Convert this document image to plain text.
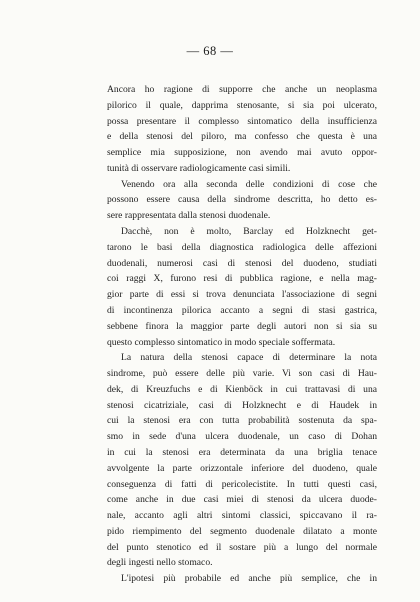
— 68 —
Ancora ho ragione di supporre che anche un neoplasma
pilorico il quale, dapprima stenosante, si sia poi ulcerato,
possa presentare il complesso sintomatico della insufficienza
e della stenosi del piloro, ma confesso che questa è una
semplice mia supposizione, non avendo mai avuto oppor-
tunità di osservare radiologicamente casi simili.
Venendo ora alla seconda delle condizioni di cose che
possono essere causa della sindrome descritta, ho detto es-
sere rappresentata dalla stenosi duodenale.
Dacchè, non è molto, Barclay ed Holzknecht get-
tarono le basi della diagnostica radiologica delle affezioni
duodenali, numerosi casi di stenosi del duodeno, studiati
coi raggi X, furono resi di pubblica ragione, e nella mag-
gior parte di essi si trova denunciata l'associazione di segni
di incontinenza pilorica accanto a segni di stasi gastrica,
sebbene finora la maggior parte degli autori non si sia su
questo complesso sintomatico in modo speciale soffermata.
La natura della stenosi capace di determinare la nota
sindrome, può essere delle più varie. Vi son casi di Hau-
dek, di Kreuzfuchs e di Kienböck in cui trattavasi di una
stenosi cicatriziale, casi di Holzknecht e di Haudek in
cui la stenosi era con tutta probabilità sostenuta da spa-
smo in sede d'una ulcera duodenale, un caso di Dohan
in cui la stenosi era determinata da una briglia tenace
avvolgente la parte orizzontale inferiore del duodeno, quale
conseguenza di fatti di pericolecistite. In tutti questi casi,
come anche in due casi miei di stenosi da ulcera duode-
nale, accanto agli altri sintomi classici, spiccavano il ra-
pido riempimento del segmento duodenale dilatato a monte
del punto stenotico ed il sostare più a lungo del normale
degli ingesti nello stomaco.
L'ipotesi più probabile ed anche più semplice, che in
